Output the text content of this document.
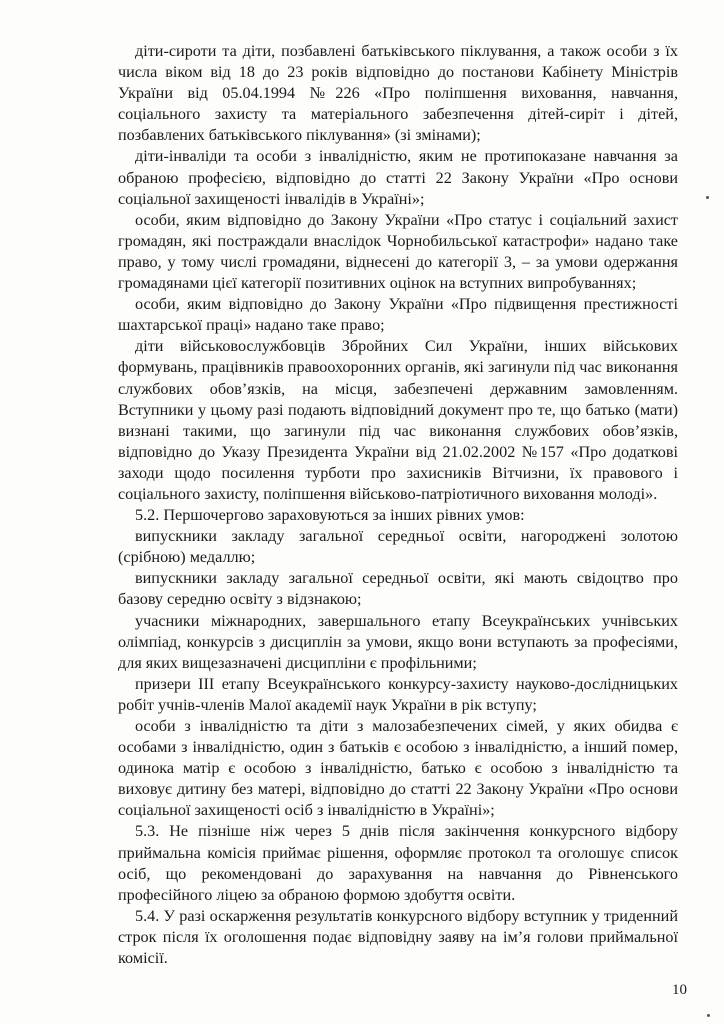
діти-сироти та діти, позбавлені батьківського піклування, а також особи з їх числа віком від 18 до 23 років відповідно до постанови Кабінету Міністрів України від 05.04.1994 №226 «Про поліпшення виховання, навчання, соціального захисту та матеріального забезпечення дітей-сиріт і дітей, позбавлених батьківського піклування» (зі змінами);

діти-інваліди та особи з інвалідністю, яким не протипоказане навчання за обраною професією, відповідно до статті 22 Закону України «Про основи соціальної захищеності інвалідів в Україні»;

особи, яким відповідно до Закону України «Про статус і соціальний захист громадян, які постраждали внаслідок Чорнобильської катастрофи» надано таке право, у тому числі громадяни, віднесені до категорії 3, – за умови одержання громадянами цієї категорії позитивних оцінок на вступних випробуваннях;

особи, яким відповідно до Закону України «Про підвищення престижності шахтарської праці» надано таке право;

діти військовослужбовців Збройних Сил України, інших військових формувань, працівників правоохоронних органів, які загинули під час виконання службових обов’язків, на місця, забезпечені державним замовленням. Вступники у цьому разі подають відповідний документ про те, що батько (мати) визнані такими, що загинули під час виконання службових обов’язків, відповідно до Указу Президента України від 21.02.2002 №157 «Про додаткові заходи щодо посилення турботи про захисників Вітчизни, їх правового і соціального захисту, поліпшення військово-патріотичного виховання молоді».

5.2. Першочергово зараховуються за інших рівних умов:

випускники закладу загальної середньої освіти, нагороджені золотою (срібною) медаллю;

випускники закладу загальної середньої освіти, які мають свідоцтво про базову середню освіту з відзнакою;

учасники міжнародних, завершального етапу Всеукраїнських учнівських олімпіад, конкурсів з дисциплін за умови, якщо вони вступають за професіями, для яких вищезазначені дисципліни є профільними;

призери III етапу Всеукраїнського конкурсу-захисту науково-дослідницьких робіт учнів-членів Малої академії наук України в рік вступу;

особи з інвалідністю та діти з малозабезпечених сімей, у яких обидва є особами з інвалідністю, один з батьків є особою з інвалідністю, а інший помер, одинока матір є особою з інвалідністю, батько є особою з інвалідністю та виховує дитину без матері, відповідно до статті 22 Закону України «Про основи соціальної захищеності осіб з інвалідністю в Україні»;

5.3. Не пізніше ніж через 5 днів після закінчення конкурсного відбору приймальна комісія приймає рішення, оформляє протокол та оголошує список осіб, що рекомендовані до зарахування на навчання до Рівненського професійного ліцею за обраною формою здобуття освіти.

5.4. У разі оскарження результатів конкурсного відбору вступник у триденний строк після їх оголошення подає відповідну заяву на ім’я голови приймальної комісії.

10
